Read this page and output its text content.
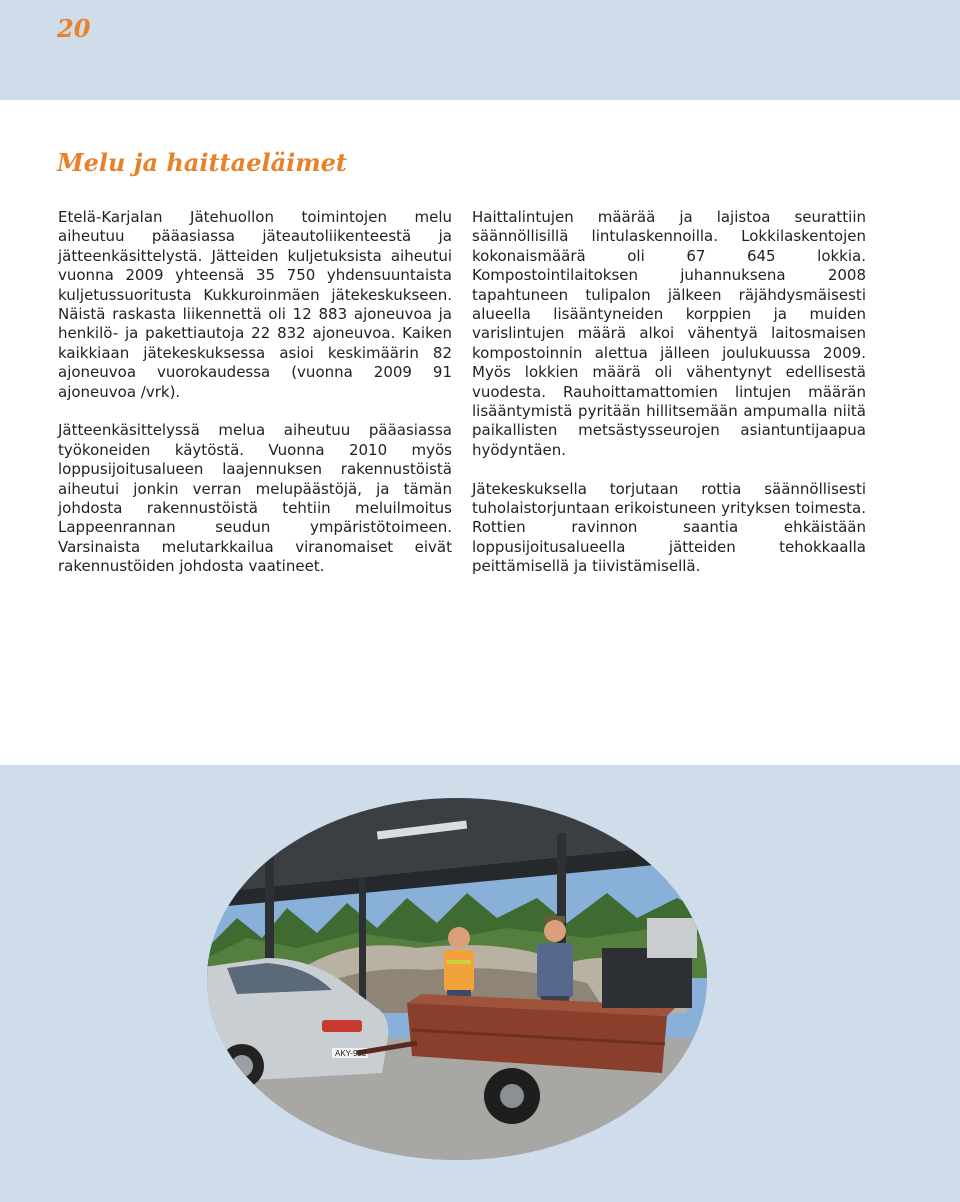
20
Melu ja haittaeläimet

Etelä-Karjalan Jätehuollon toimintojen melu aiheutuu pääasiassa jäteautoliikenteestä ja jätteenkäsittelystä. Jätteiden kuljetuksista aiheutui vuonna 2009 yhteensä 35 750 yhdensuuntaista kuljetussuoritusta Kukkuroinmäen jätekeskukseen. Näistä raskasta liikennettä oli 12 883 ajoneuvoa ja henkilö- ja pakettiautoja 22 832 ajoneuvoa. Kaiken kaikkiaan jätekeskuksessa asioi keskimäärin 82 ajoneuvoa vuorokaudessa (vuonna 2009 91 ajoneuvoa /vrk).

Jätteenkäsittelyssä melua aiheutuu pääasiassa työkoneiden käytöstä. Vuonna 2010 myös loppusijoitusalueen laajennuksen rakennustöistä aiheutui jonkin verran melupäästöjä, ja tämän johdosta rakennustöistä tehtiin meluilmoitus Lappeenrannan seudun ympäristötoimeen. Varsinaista melutarkkailua viranomaiset eivät rakennustöiden johdosta vaatineet.

Haittalintujen määrää ja lajistoa seurattiin säännöllisillä lintulaskennoilla. Lokkilaskentojen kokonaismäärä oli 67 645 lokkia. Kompostointilaitoksen juhannuksena 2008 tapahtuneen tulipalon jälkeen räjähdysmäisesti alueella lisääntyneiden korppien ja muiden varislintujen määrä alkoi vähentyä laitosmaisen kompostoinnin alettua jälleen joulukuussa 2009. Myös lokkien määrä oli vähentynyt edellisestä vuodesta. Rauhoittamattomien lintujen määrän lisääntymistä pyritään hillitsemään ampumalla niitä paikallisten metsästysseurojen asiantuntijaapua hyödyntäen.

Jätekeskuksella torjutaan rottia säännöllisesti tuholaistorjuntaan erikoistuneen yrityksen toimesta. Rottien ravinnon saantia ehkäistään loppusijoitusalueella jätteiden tehokkaalla peittämisellä ja tiivistämisellä.

AKY-932
